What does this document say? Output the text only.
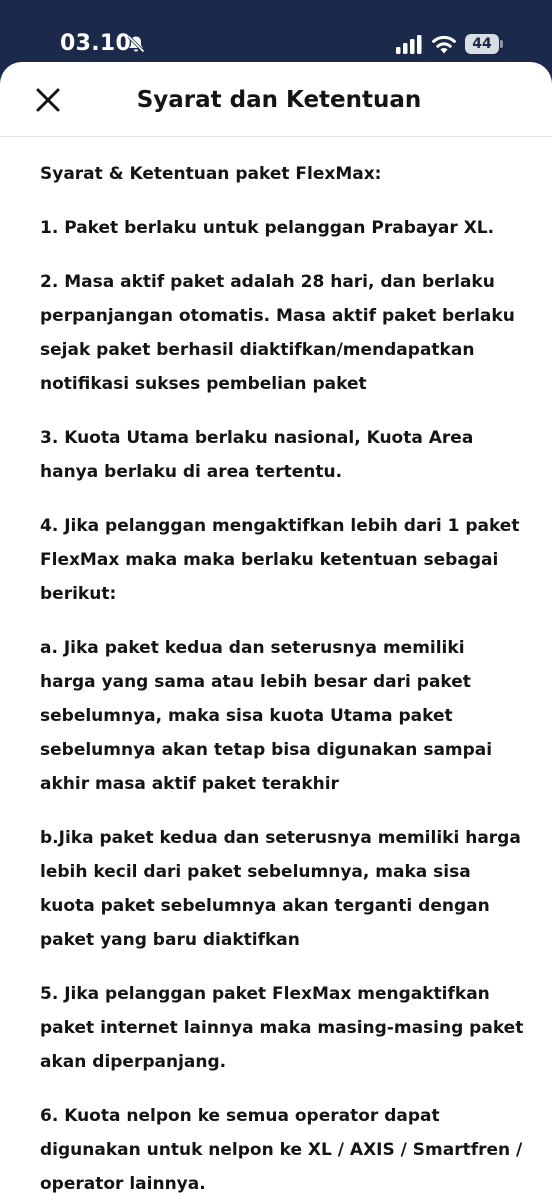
03.10	44
Syarat dan Ketentuan

Syarat & Ketentuan paket FlexMax:

1. Paket berlaku untuk pelanggan Prabayar XL.

2. Masa aktif paket adalah 28 hari, dan berlaku perpanjangan otomatis. Masa aktif paket berlaku sejak paket berhasil diaktifkan/mendapatkan notifikasi sukses pembelian paket

3. Kuota Utama berlaku nasional, Kuota Area hanya berlaku di area tertentu.

4. Jika pelanggan mengaktifkan lebih dari 1 paket FlexMax maka maka berlaku ketentuan sebagai berikut:

a. Jika paket kedua dan seterusnya memiliki harga yang sama atau lebih besar dari paket sebelumnya, maka sisa kuota Utama paket sebelumnya akan tetap bisa digunakan sampai akhir masa aktif paket terakhir

b.Jika paket kedua dan seterusnya memiliki harga lebih kecil dari paket sebelumnya, maka sisa kuota paket sebelumnya akan terganti dengan paket yang baru diaktifkan

5. Jika pelanggan paket FlexMax mengaktifkan paket internet lainnya maka masing-masing paket akan diperpanjang.

6. Kuota nelpon ke semua operator dapat digunakan untuk nelpon ke XL / AXIS / Smartfren / operator lainnya.
